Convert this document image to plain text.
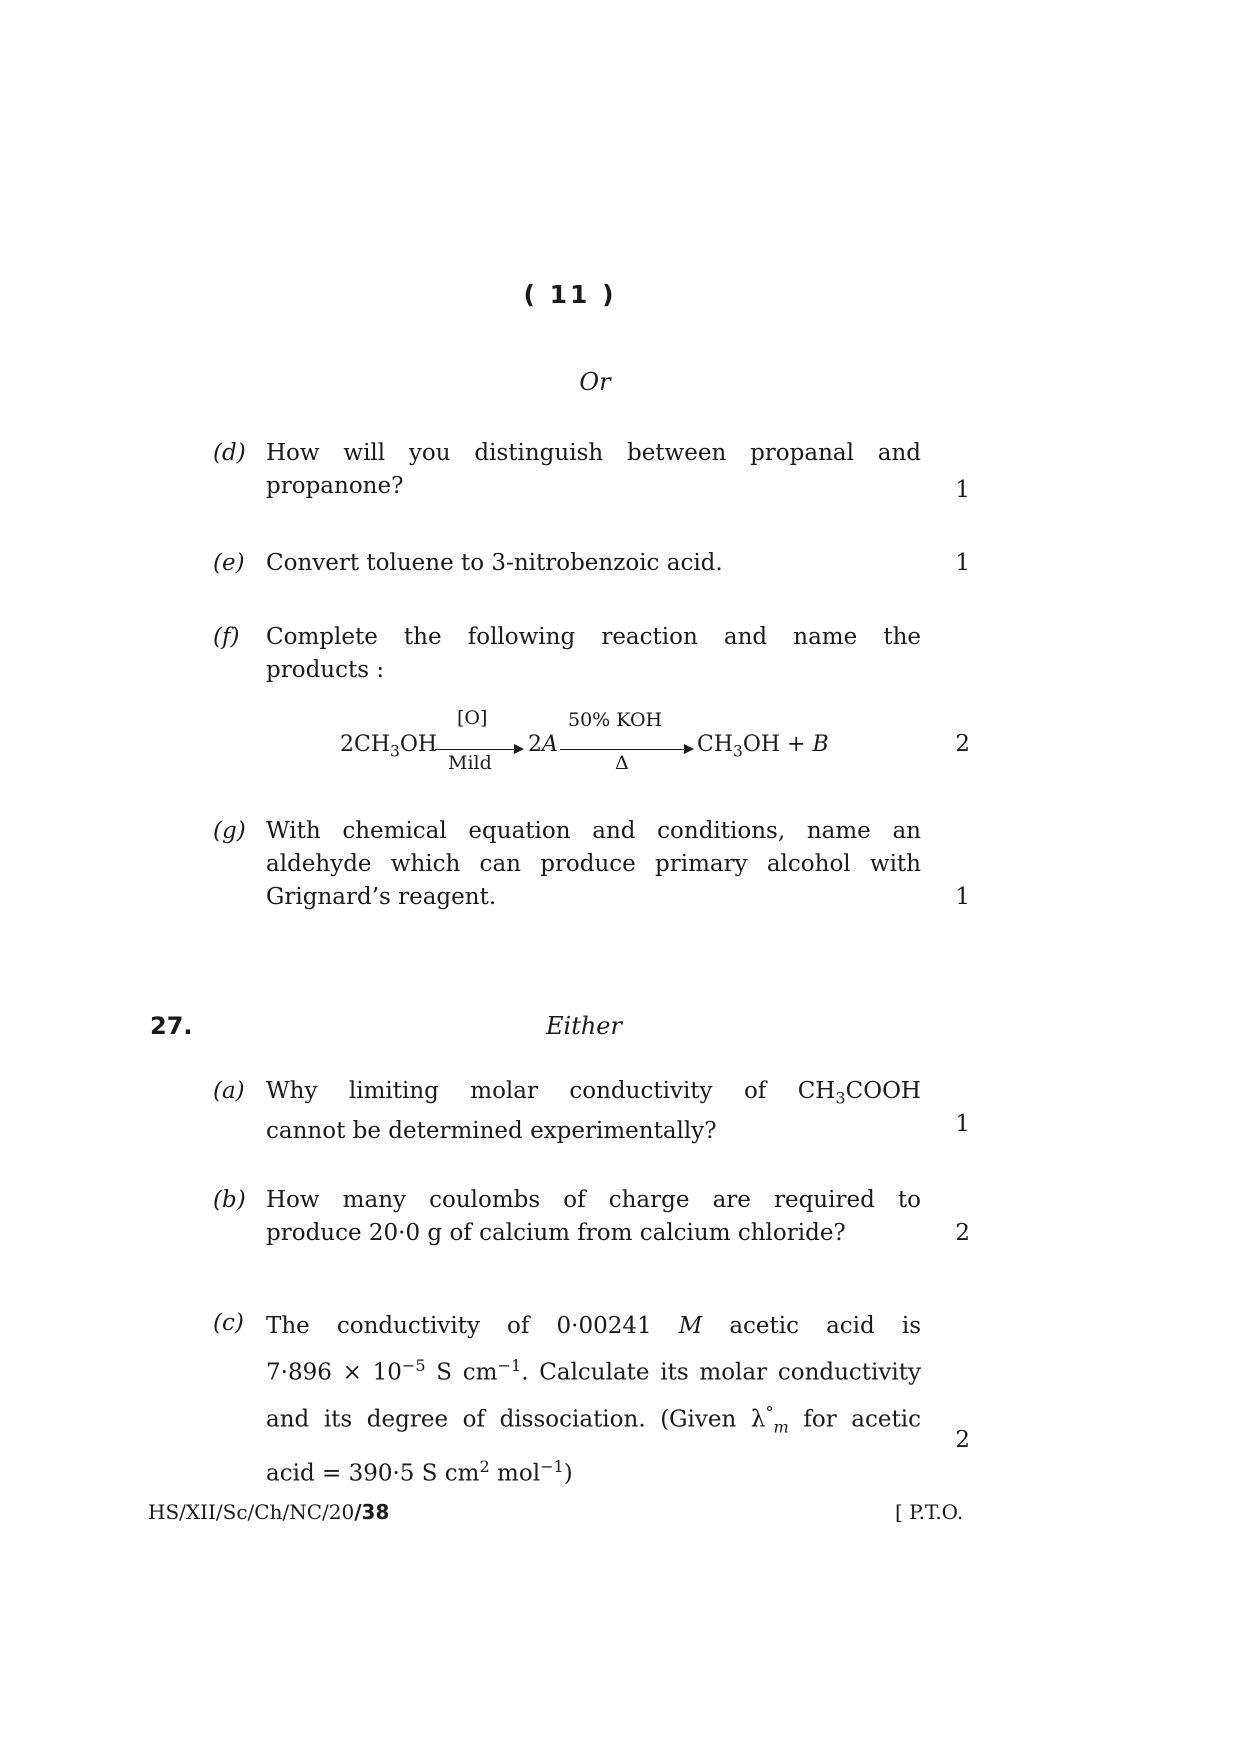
( 11 )
Or
(d) How will you distinguish between propanal and
propanone?	1
(e) Convert toluene to 3-nitrobenzoic acid.	1
(f) Complete the following reaction and name the
products :
$2CH_3OH$
[O]
Mild
2A
50% KOH
Δ
$CH_3OH + B$	2
(g) With chemical equation and conditions, name an
aldehyde which can produce primary alcohol with
Grignard’s reagent.	1
27.	Either
(a) Why limiting molar conductivity of $CH_3COOH$
cannot be determined experimentally?	1
(b) How many coulombs of charge are required to
produce 20·0 g of calcium from calcium chloride?	2
(c) The conductivity of 0·00241 M acetic acid is
$7\cdot 896 \times 10^{-5}$ S $cm^{-1}$. Calculate its molar conductivity
and its degree of dissociation. (Given $\lambda^\circ_m$ for acetic
acid = 390·5 S $cm^2$ mol$^{-1}$)
2
HS/XII/Sc/Ch/NC/20/38	[ P.T.O.
